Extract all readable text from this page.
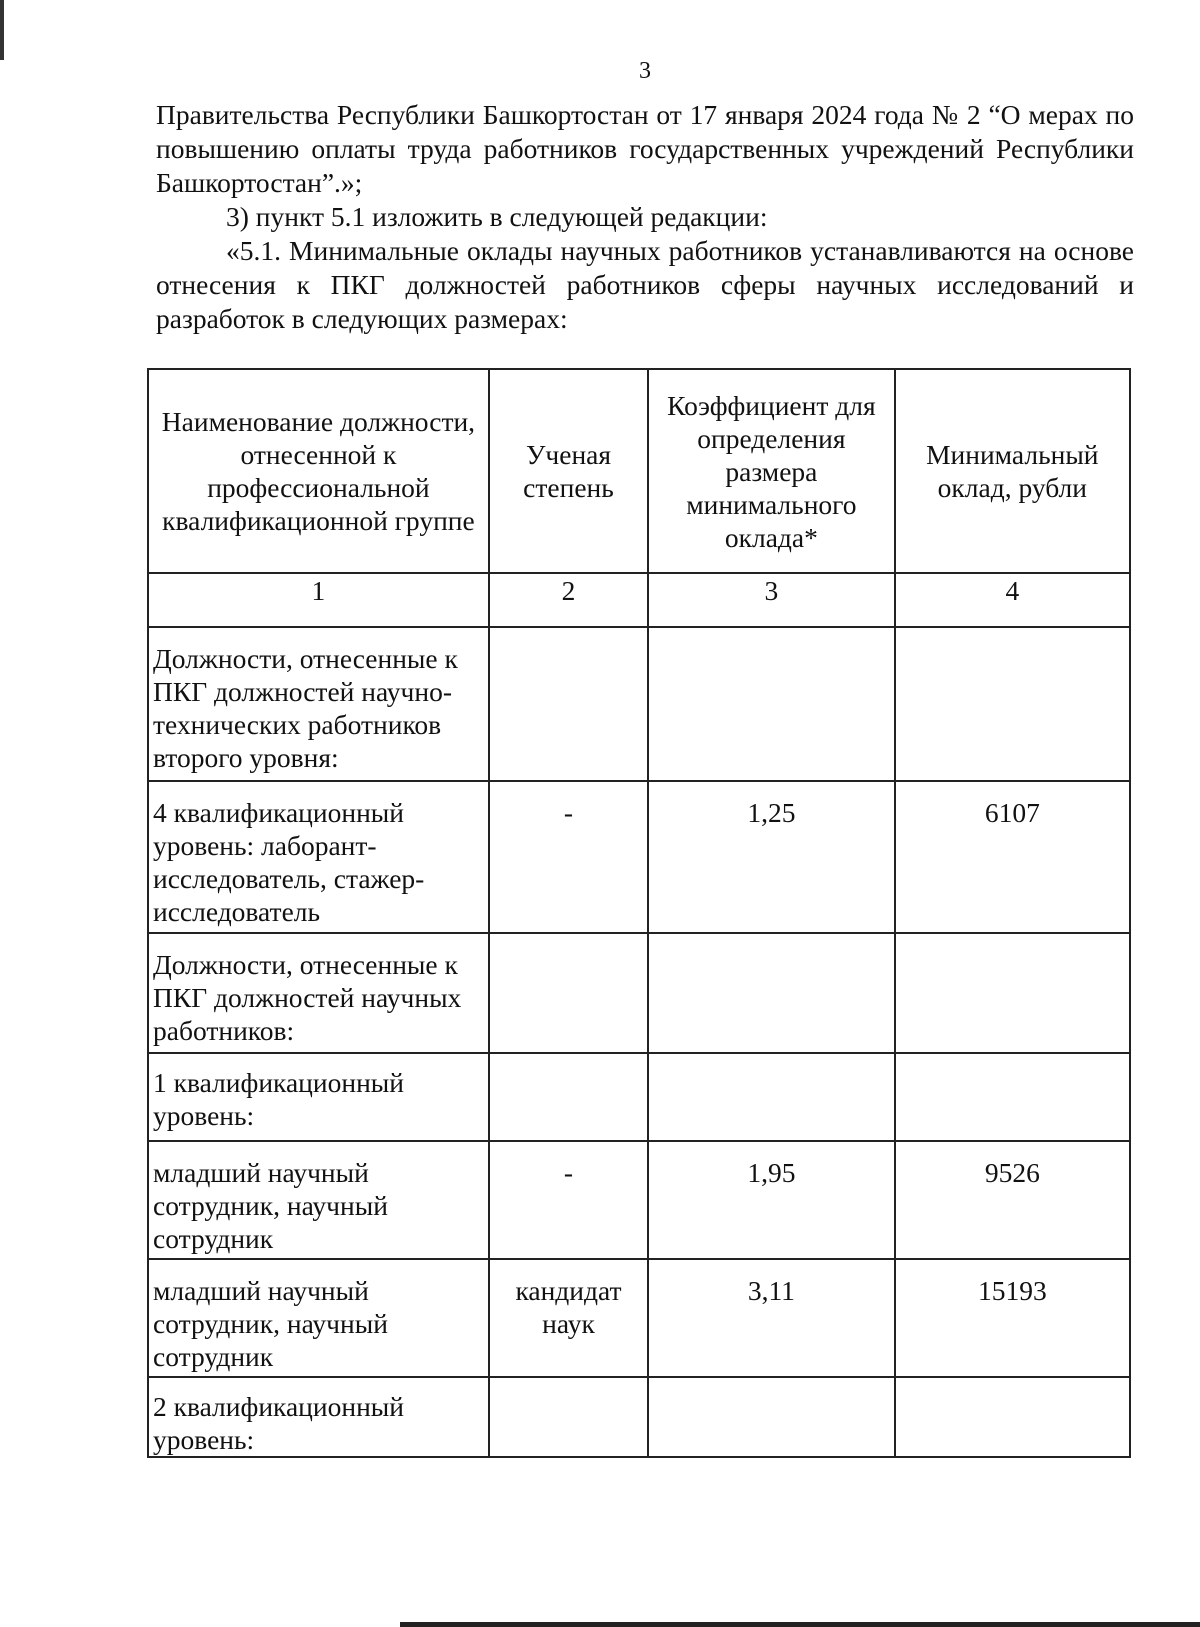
3

Правительства Республики Башкортостан от 17 января 2024 года № 2 “О мерах по повышению оплаты труда работников государственных учреждений Республики Башкортостан”.»;

3) пункт 5.1 изложить в следующей редакции:

«5.1. Минимальные оклады научных работников устанавливаются на основе отнесения к ПКГ должностей работников сферы научных исследований и разработок в следующих размерах:

Наименование должности, отнесенной к профессиональной квалификационной группе	Ученая степень	Коэффициент для определения размера минимального оклада*	Минимальный оклад, рубли

1	2	3	4

Должности, отнесенные к ПКГ должностей научно-технических работников второго уровня:			

4 квалификационный уровень: лаборант-исследователь, стажер-исследователь	-	1,25	6107

Должности, отнесенные к ПКГ должностей научных работников:			

1 квалификационный уровень:			

младший научный сотрудник, научный сотрудник	-	1,95	9526

младший научный сотрудник, научный сотрудник	кандидат наук	3,11	15193

2 квалификационный уровень:			
